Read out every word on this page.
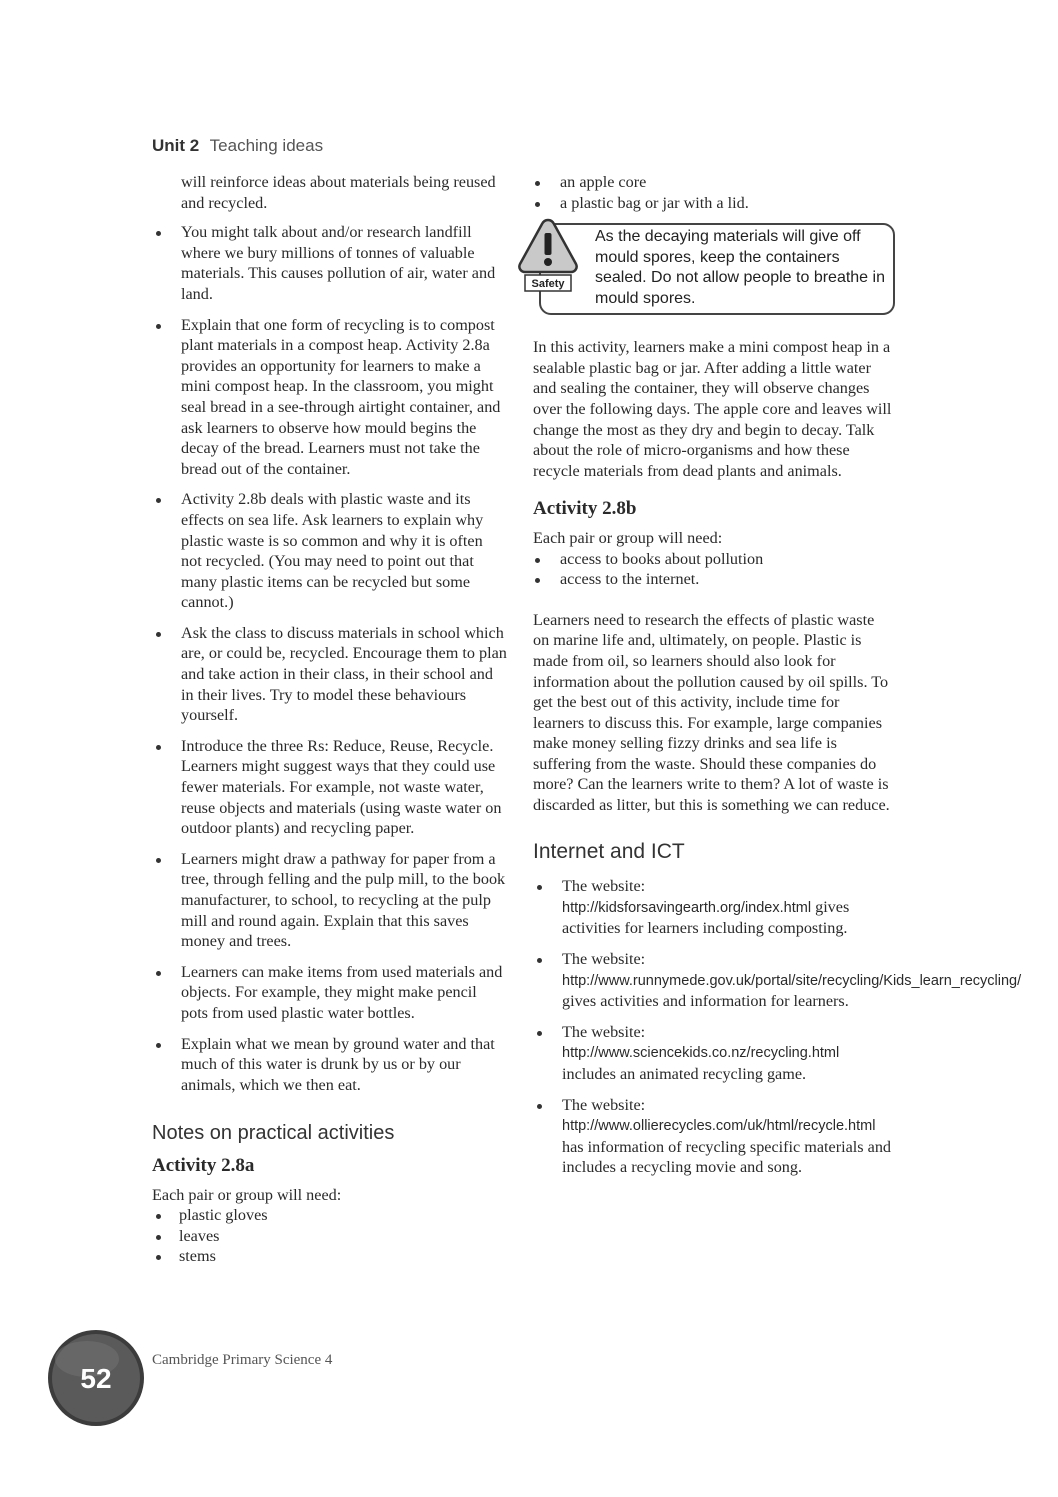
Unit 2 Teaching ideas

will reinforce ideas about materials being reused and recycled.

You might talk about and/or research landfill where we bury millions of tonnes of valuable materials. This causes pollution of air, water and land.
Explain that one form of recycling is to compost plant materials in a compost heap. Activity 2.8a provides an opportunity for learners to make a mini compost heap. In the classroom, you might seal bread in a see-through airtight container, and ask learners to observe how mould begins the decay of the bread. Learners must not take the bread out of the container.
Activity 2.8b deals with plastic waste and its effects on sea life. Ask learners to explain why plastic waste is so common and why it is often not recycled. (You may need to point out that many plastic items can be recycled but some cannot.)
Ask the class to discuss materials in school which are, or could be, recycled. Encourage them to plan and take action in their class, in their school and in their lives. Try to model these behaviours yourself.
Introduce the three Rs: Reduce, Reuse, Recycle. Learners might suggest ways that they could use fewer materials. For example, not waste water, reuse objects and materials (using waste water on outdoor plants) and recycling paper.
Learners might draw a pathway for paper from a tree, through felling and the pulp mill, to the book manufacturer, to school, to recycling at the pulp mill and round again. Explain that this saves money and trees.
Learners can make items from used materials and objects. For example, they might make pencil pots from used plastic water bottles.
Explain what we mean by ground water and that much of this water is drunk by us or by our animals, which we then eat.
Notes on practical activities
Activity 2.8a

Each pair or group will need:

plastic gloves
leaves
stems
an apple core
a plastic bag or jar with a lid.
Safety
As the decaying materials will give off mould spores, keep the containers sealed. Do not allow people to breathe in mould spores.

In this activity, learners make a mini compost heap in a sealable plastic bag or jar. After adding a little water and sealing the container, they will observe changes over the following days. The apple core and leaves will change the most as they dry and begin to decay. Talk about the role of micro-organisms and how these recycle materials from dead plants and animals.

Activity 2.8b

Each pair or group will need:

access to books about pollution
access to the internet.

Learners need to research the effects of plastic waste on marine life and, ultimately, on people. Plastic is made from oil, so learners should also look for information about the pollution caused by oil spills. To get the best out of this activity, include time for learners to discuss this. For example, large companies make money selling fizzy drinks and sea life is suffering from the waste. Should these companies do more? Can the learners write to them? A lot of waste is discarded as litter, but this is something we can reduce.

Internet and ICT
The website: http://kidsforsavingearth.org/index.html gives activities for learners including composting.
The website: http://www.runnymede.gov.uk/portal/site/recycling/Kids_learn_recycling/ gives activities and information for learners.
The website: http://www.sciencekids.co.nz/recycling.html includes an animated recycling game.
The website: http://www.ollierecycles.com/uk/html/recycle.html has information of recycling specific materials and includes a recycling movie and song.
52
Cambridge Primary Science 4
